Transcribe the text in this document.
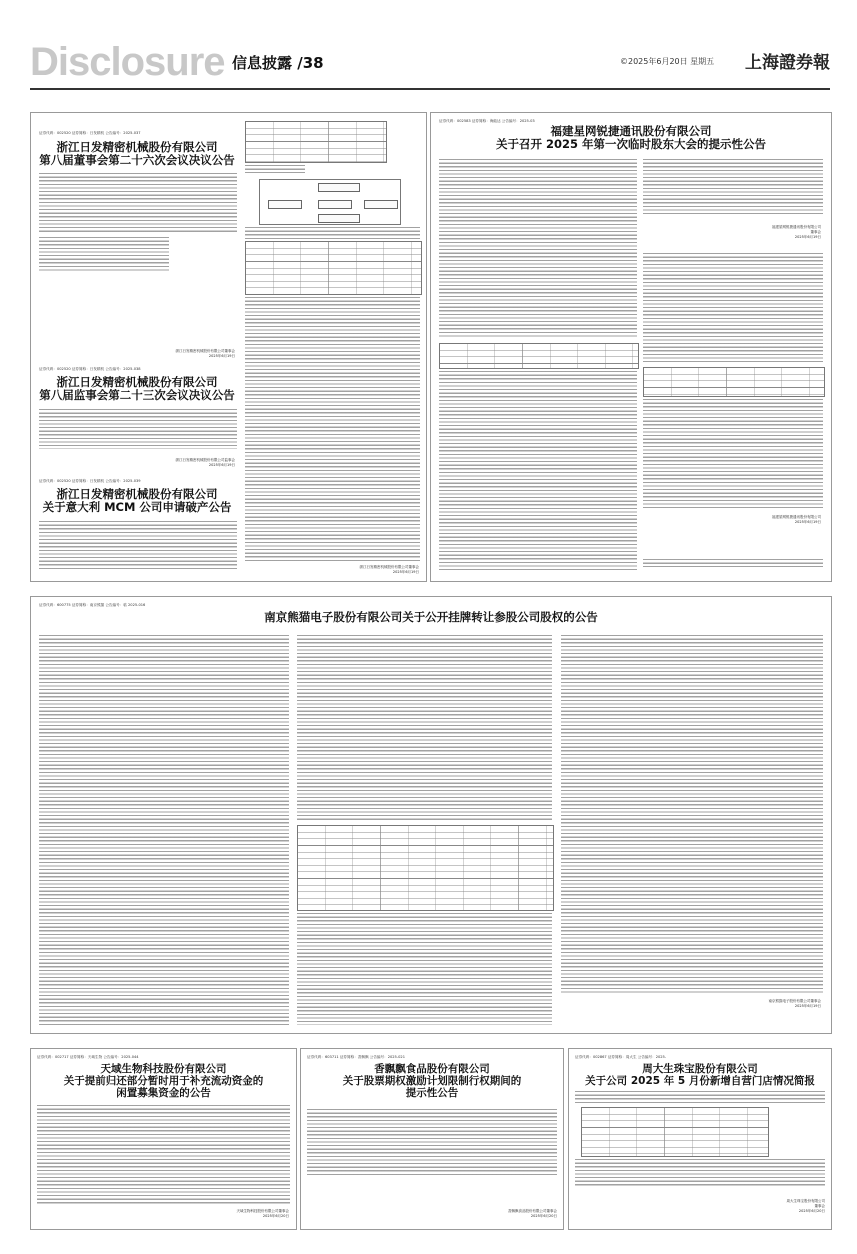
Disclosure 信息披露 /38	©2025年6月20日 星期五 上海證券報
证券代码：002520 证券简称：日发精机 公告编号：2025-037
浙江日发精密机械股份有限公司
第八届董事会第二十六次会议决议公告
浙江日发精密机械股份有限公司董事会
2025年6月19日
证券代码：002520 证券简称：日发精机 公告编号：2025-038
浙江日发精密机械股份有限公司
第八届监事会第二十三次会议决议公告
浙江日发精密机械股份有限公司监事会
2025年6月19日
证券代码：002520 证券简称：日发精机 公告编号：2025-039
浙江日发精密机械股份有限公司
关于意大利 MCM 公司申请破产公告
浙江日发精密机械股份有限公司董事会
2025年6月19日
证券代码：002583 证券简称：海能达 公告编号：2025-03
福建星网锐捷通讯股份有限公司
关于召开 2025 年第一次临时股东大会的提示性公告
福建星网锐捷通讯股份有限公司
董事会
2025年6月19日
福建星网锐捷通讯股份有限公司
2025年6月19日
证券代码：600775 证券简称：南京熊猫 公告编号：临 2025-016
南京熊猫电子股份有限公司关于公开挂牌转让参股公司股权的公告
南京熊猫电子股份有限公司董事会
2025年6月19日
证券代码：002717 证券简称：天域生物 公告编号：2025-044
天域生物科技股份有限公司
关于提前归还部分暂时用于补充流动资金的
闲置募集资金的公告
天域生物科技股份有限公司董事会
2025年6月20日
证券代码：603711 证券简称：香飘飘 公告编号：2025-021
香飘飘食品股份有限公司
关于股票期权激励计划限制行权期间的
提示性公告
香飘飘食品股份有限公司董事会
2025年6月20日
证券代码：002867 证券简称：周大生 公告编号：2025-
周大生珠宝股份有限公司
关于公司 2025 年 5 月份新增自营门店情况简报
周大生珠宝股份有限公司
董事会
2025年6月20日
